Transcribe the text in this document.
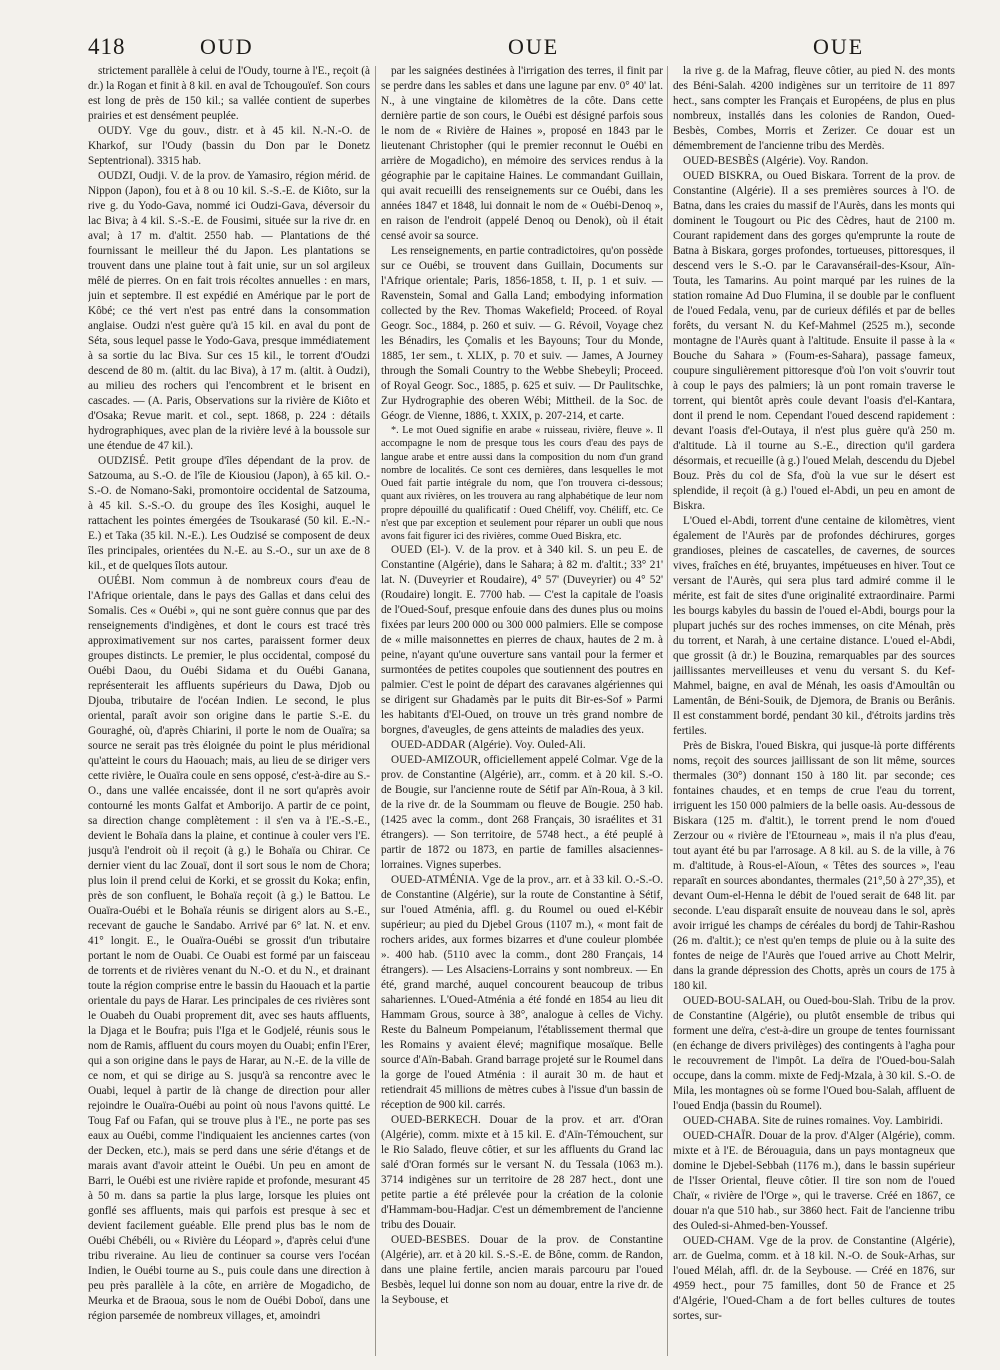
418	OUD	OUE	OUE

strictement parallèle à celui de l'Oudy, tourne à l'E., reçoit (à dr.) la Rogan et finit à 8 kil. en aval de Tchougouïef. Son cours est long de près de 150 kil.; sa vallée contient de superbes prairies et est densément peuplée.

OUDY. Vge du gouv., distr. et à 45 kil. N.-N.-O. de Kharkof, sur l'Oudy (bassin du Don par le Donetz Septentrional). 3315 hab.

OUDZI, Oudji. V. de la prov. de Yamasiro, région mérid. de Nippon (Japon), fou et à 8 ou 10 kil. S.-S.-E. de Kiôto, sur la rive g. du Yodo-Gava, nommé ici Oudzi-Gava, déversoir du lac Biva; à 4 kil. S.-S.-E. de Fousimi, située sur la rive dr. en aval; à 17 m. d'altit. 2550 hab. — Plantations de thé fournissant le meilleur thé du Japon. Les plantations se trouvent dans une plaine tout à fait unie, sur un sol argileux mêlé de pierres. On en fait trois récoltes annuelles : en mars, juin et septembre. Il est expédié en Amérique par le port de Kôbé; ce thé vert n'est pas entré dans la consommation anglaise. Oudzi n'est guère qu'à 15 kil. en aval du pont de Séta, sous lequel passe le Yodo-Gava, presque immédiatement à sa sortie du lac Biva. Sur ces 15 kil., le torrent d'Oudzi descend de 80 m. (altit. du lac Biva), à 17 m. (altit. à Oudzi), au milieu des rochers qui l'encombrent et le brisent en cascades. — (A. Paris, Observations sur la rivière de Kiôto et d'Osaka; Revue marit. et col., sept. 1868, p. 224 : détails hydrographiques, avec plan de la rivière levé à la boussole sur une étendue de 47 kil.).

OUDZISÉ. Petit groupe d'îles dépendant de la prov. de Satzouma, au S.-O. de l'île de Kiousiou (Japon), à 65 kil. O.-S.-O. de Nomano-Saki, promontoire occidental de Satzouma, à 45 kil. S.-S.-O. du groupe des îles Kosighi, auquel le rattachent les pointes émergées de Tsoukarasé (50 kil. E.-N.-E.) et Taka (35 kil. N.-E.). Les Oudzisé se composent de deux îles principales, orientées du N.-E. au S.-O., sur un axe de 8 kil., et de quelques îlots autour.

OUÉBI. Nom commun à de nombreux cours d'eau de l'Afrique orientale, dans le pays des Gallas et dans celui des Somalis. Ces « Ouébi », qui ne sont guère connus que par des renseignements d'indigènes, et dont le cours est tracé très approximativement sur nos cartes, paraissent former deux groupes distincts. Le premier, le plus occidental, composé du Ouébi Daou, du Ouébi Sidama et du Ouébi Ganana, représenterait les affluents supérieurs du Dawa, Djob ou Djouba, tributaire de l'océan Indien. Le second, le plus oriental, paraît avoir son origine dans le partie S.-E. du Gouraghé, où, d'après Chiarini, il porte le nom de Ouaïra; sa source ne serait pas très éloignée du point le plus méridional qu'atteint le cours du Haouach; mais, au lieu de se diriger vers cette rivière, le Ouaïra coule en sens opposé, c'est-à-dire au S.-O., dans une vallée encaissée, dont il ne sort qu'après avoir contourné les monts Galfat et Amborijo. A partir de ce point, sa direction change complètement : il s'en va à l'E.-S.-E., devient le Bohaïa dans la plaine, et continue à couler vers l'E. jusqu'à l'endroit où il reçoit (à g.) le Bohaïa ou Chirar. Ce dernier vient du lac Zouaï, dont il sort sous le nom de Chora; plus loin il prend celui de Korki, et se grossit du Koka; enfin, près de son confluent, le Bohaïa reçoit (à g.) le Battou. Le Ouaïra-Ouébi et le Bohaïa réunis se dirigent alors au S.-E., recevant de gauche le Sandabo. Arrivé par 6° lat. N. et env. 41° longit. E., le Ouaïra-Ouébi se grossit d'un tributaire portant le nom de Ouabi. Ce Ouabi est formé par un faisceau de torrents et de rivières venant du N.-O. et du N., et drainant toute la région comprise entre le bassin du Haouach et la partie orientale du pays de Harar. Les principales de ces rivières sont le Ouabeh du Ouabi proprement dit, avec ses hauts affluents, la Djaga et le Boufra; puis l'Iga et le Godjelé, réunis sous le nom de Ramis, affluent du cours moyen du Ouabi; enfin l'Erer, qui a son origine dans le pays de Harar, au N.-E. de la ville de ce nom, et qui se dirige au S. jusqu'à sa rencontre avec le Ouabi, lequel à partir de là change de direction pour aller rejoindre le Ouaïra-Ouébi au point où nous l'avons quitté. Le Toug Faf ou Fafan, qui se trouve plus à l'E., ne porte pas ses eaux au Ouébi, comme l'indiquaient les anciennes cartes (von der Decken, etc.), mais se perd dans une série d'étangs et de marais avant d'avoir atteint le Ouébi. Un peu en amont de Barri, le Ouébi est une rivière rapide et profonde, mesurant 45 à 50 m. dans sa partie la plus large, lorsque les pluies ont gonflé ses affluents, mais qui parfois est presque à sec et devient facilement guéable. Elle prend plus bas le nom de Ouébi Chébéli, ou « Rivière du Léopard », d'après celui d'une tribu riveraine. Au lieu de continuer sa course vers l'océan Indien, le Ouébi tourne au S., puis coule dans une direction à peu près parallèle à la côte, en arrière de Mogadicho, de Meurka et de Braoua, sous le nom de Ouébi Doboï, dans une région parsemée de nombreux villages, et, amoindri

par les saignées destinées à l'irrigation des terres, il finit par se perdre dans les sables et dans une lagune par env. 0° 40' lat. N., à une vingtaine de kilomètres de la côte. Dans cette dernière partie de son cours, le Ouébi est désigné parfois sous le nom de « Rivière de Haines », proposé en 1843 par le lieutenant Christopher (qui le premier reconnut le Ouébi en arrière de Mogadicho), en mémoire des services rendus à la géographie par le capitaine Haines. Le commandant Guillain, qui avait recueilli des renseignements sur ce Ouébi, dans les années 1847 et 1848, lui donnait le nom de « Ouébi-Denoq », en raison de l'endroit (appelé Denoq ou Denok), où il était censé avoir sa source.

Les renseignements, en partie contradictoires, qu'on possède sur ce Ouébi, se trouvent dans Guillain, Documents sur l'Afrique orientale; Paris, 1856-1858, t. II, p. 1 et suiv. — Ravenstein, Somal and Galla Land; embodying information collected by the Rev. Thomas Wakefield; Proceed. of Royal Geogr. Soc., 1884, p. 260 et suiv. — G. Révoil, Voyage chez les Bénadirs, les Çomalis et les Bayouns; Tour du Monde, 1885, 1er sem., t. XLIX, p. 70 et suiv. — James, A Journey through the Somali Country to the Webbe Shebeyli; Proceed. of Royal Geogr. Soc., 1885, p. 625 et suiv. — Dr Paulitschke, Zur Hydrographie des oberen Wébi; Mittheil. de la Soc. de Géogr. de Vienne, 1886, t. XXIX, p. 207-214, et carte.

*. Le mot Oued signifie en arabe « ruisseau, rivière, fleuve ». Il accompagne le nom de presque tous les cours d'eau des pays de langue arabe et entre aussi dans la composition du nom d'un grand nombre de localités. Ce sont ces dernières, dans lesquelles le mot Oued fait partie intégrale du nom, que l'on trouvera ci-dessous; quant aux rivières, on les trouvera au rang alphabétique de leur nom propre dépouillé du qualificatif : Oued Chéliff, voy. Chéliff, etc. Ce n'est que par exception et seulement pour réparer un oubli que nous avons fait figurer ici des rivières, comme Oued Biskra, etc.

OUED (El-). V. de la prov. et à 340 kil. S. un peu E. de Constantine (Algérie), dans le Sahara; à 82 m. d'altit.; 33° 21' lat. N. (Duveyrier et Roudaire), 4° 57' (Duveyrier) ou 4° 52' (Roudaire) longit. E. 7700 hab. — C'est la capitale de l'oasis de l'Oued-Souf, presque enfouie dans des dunes plus ou moins fixées par leurs 200 000 ou 300 000 palmiers. Elle se compose de « mille maisonnettes en pierres de chaux, hautes de 2 m. à peine, n'ayant qu'une ouverture sans vantail pour la fermer et surmontées de petites coupoles que soutiennent des poutres en palmier. C'est le point de départ des caravanes algériennes qui se dirigent sur Ghadamès par le puits dit Bir-es-Sof » Parmi les habitants d'El-Oued, on trouve un très grand nombre de borgnes, d'aveugles, de gens atteints de maladies des yeux.

OUED-ADDAR (Algérie). Voy. Ouled-Ali.

OUED-AMIZOUR, officiellement appelé Colmar. Vge de la prov. de Constantine (Algérie), arr., comm. et à 20 kil. S.-O. de Bougie, sur l'ancienne route de Sétif par Aïn-Roua, à 3 kil. de la rive dr. de la Soummam ou fleuve de Bougie. 250 hab. (1425 avec la comm., dont 268 Français, 30 israélites et 31 étrangers). — Son territoire, de 5748 hect., a été peuplé à partir de 1872 ou 1873, en partie de familles alsaciennes-lorraines. Vignes superbes.

OUED-ATMÉNIA. Vge de la prov., arr. et à 33 kil. O.-S.-O. de Constantine (Algérie), sur la route de Constantine à Sétif, sur l'oued Atménia, affl. g. du Roumel ou oued el-Kébir supérieur; au pied du Djebel Grous (1107 m.), « mont fait de rochers arides, aux formes bizarres et d'une couleur plombée ». 400 hab. (5110 avec la comm., dont 280 Français, 14 étrangers). — Les Alsaciens-Lorrains y sont nombreux. — En été, grand marché, auquel concourent beaucoup de tribus sahariennes. L'Oued-Atménia a été fondé en 1854 au lieu dit Hammam Grous, source à 38°, analogue à celles de Vichy. Reste du Balneum Pompeianum, l'établissement thermal que les Romains y avaient élevé; magnifique mosaïque. Belle source d'Aïn-Babah. Grand barrage projeté sur le Roumel dans la gorge de l'oued Atménia : il aurait 30 m. de haut et retiendrait 45 millions de mètres cubes à l'issue d'un bassin de réception de 900 kil. carrés.

OUED-BERKECH. Douar de la prov. et arr. d'Oran (Algérie), comm. mixte et à 15 kil. E. d'Aïn-Témouchent, sur le Rio Salado, fleuve côtier, et sur les affluents du Grand lac salé d'Oran formés sur le versant N. du Tessala (1063 m.). 3714 indigènes sur un territoire de 28 287 hect., dont une petite partie a été prélevée pour la création de la colonie d'Hammam-bou-Hadjar. C'est un démembrement de l'ancienne tribu des Douair.

OUED-BESBES. Douar de la prov. de Constantine (Algérie), arr. et à 20 kil. S.-S.-E. de Bône, comm. de Randon, dans une plaine fertile, ancien marais parcouru par l'oued Besbès, lequel lui donne son nom au douar, entre la rive dr. de la Seybouse, et

la rive g. de la Mafrag, fleuve côtier, au pied N. des monts des Béni-Salah. 4200 indigènes sur un territoire de 11 897 hect., sans compter les Français et Européens, de plus en plus nombreux, installés dans les colonies de Randon, Oued-Besbès, Combes, Morris et Zerizer. Ce douar est un démembrement de l'ancienne tribu des Merdès.

OUED-BESBÈS (Algérie). Voy. Randon.

OUED BISKRA, ou Oued Biskara. Torrent de la prov. de Constantine (Algérie). Il a ses premières sources à l'O. de Batna, dans les craies du massif de l'Aurès, dans les monts qui dominent le Tougourt ou Pic des Cèdres, haut de 2100 m. Courant rapidement dans des gorges qu'emprunte la route de Batna à Biskara, gorges profondes, tortueuses, pittoresques, il descend vers le S.-O. par le Caravansérail-des-Ksour, Aïn-Touta, les Tamarins. Au point marqué par les ruines de la station romaine Ad Duo Flumina, il se double par le confluent de l'oued Fedala, venu, par de curieux défilés et par de belles forêts, du versant N. du Kef-Mahmel (2525 m.), seconde montagne de l'Aurès quant à l'altitude. Ensuite il passe à la « Bouche du Sahara » (Foum-es-Sahara), passage fameux, coupure singulièrement pittoresque d'où l'on voit s'ouvrir tout à coup le pays des palmiers; là un pont romain traverse le torrent, qui bientôt après coule devant l'oasis d'el-Kantara, dont il prend le nom. Cependant l'oued descend rapidement : devant l'oasis d'el-Outaya, il n'est plus guère qu'à 250 m. d'altitude. Là il tourne au S.-E., direction qu'il gardera désormais, et recueille (à g.) l'oued Melah, descendu du Djebel Bouz. Près du col de Sfa, d'où la vue sur le désert est splendide, il reçoit (à g.) l'oued el-Abdi, un peu en amont de Biskra.

L'Oued el-Abdi, torrent d'une centaine de kilomètres, vient également de l'Aurès par de profondes déchirures, gorges grandioses, pleines de cascatelles, de cavernes, de sources vives, fraîches en été, bruyantes, impétueuses en hiver. Tout ce versant de l'Aurès, qui sera plus tard admiré comme il le mérite, est fait de sites d'une originalité extraordinaire. Parmi les bourgs kabyles du bassin de l'oued el-Abdi, bourgs pour la plupart juchés sur des roches immenses, on cite Ménah, près du torrent, et Narah, à une certaine distance. L'oued el-Abdi, que grossit (à dr.) le Bouzina, remarquables par des sources jaillissantes merveilleuses et venu du versant S. du Kef-Mahmel, baigne, en aval de Ménah, les oasis d'Amoultân ou Lamentân, de Béni-Souik, de Djemora, de Branis ou Berânis. Il est constamment bordé, pendant 30 kil., d'étroits jardins très fertiles.

Près de Biskra, l'oued Biskra, qui jusque-là porte différents noms, reçoit des sources jaillissant de son lit même, sources thermales (30°) donnant 150 à 180 lit. par seconde; ces fontaines chaudes, et en temps de crue l'eau du torrent, irriguent les 150 000 palmiers de la belle oasis. Au-dessous de Biskara (125 m. d'altit.), le torrent prend le nom d'oued Zerzour ou « rivière de l'Etourneau », mais il n'a plus d'eau, tout ayant été bu par l'arrosage. A 8 kil. au S. de la ville, à 76 m. d'altitude, à Rous-el-Aïoun, « Têtes des sources », l'eau reparaît en sources abondantes, thermales (21°,50 à 27°,35), et devant Oum-el-Henna le débit de l'oued serait de 648 lit. par seconde. L'eau disparaît ensuite de nouveau dans le sol, après avoir irrigué les champs de céréales du bordj de Tahir-Rashou (26 m. d'altit.); ce n'est qu'en temps de pluie ou à la suite des fontes de neige de l'Aurès que l'oued arrive au Chott Melrir, dans la grande dépression des Chotts, après un cours de 175 à 180 kil.

OUED-BOU-SALAH, ou Oued-bou-Slah. Tribu de la prov. de Constantine (Algérie), ou plutôt ensemble de tribus qui forment une deïra, c'est-à-dire un groupe de tentes fournissant (en échange de divers privilèges) des contingents à l'agha pour le recouvrement de l'impôt. La deïra de l'Oued-bou-Salah occupe, dans la comm. mixte de Fedj-Mzala, à 30 kil. S.-O. de Mila, les montagnes où se forme l'Oued bou-Salah, affluent de l'oued Endja (bassin du Roumel).

OUED-CHABA. Site de ruines romaines. Voy. Lambiridi.

OUED-CHAÏR. Douar de la prov. d'Alger (Algérie), comm. mixte et à l'E. de Bérouaguia, dans un pays montagneux que domine le Djebel-Sebbah (1176 m.), dans le bassin supérieur de l'Isser Oriental, fleuve côtier. Il tire son nom de l'oued Chaïr, « rivière de l'Orge », qui le traverse. Créé en 1867, ce douar n'a que 510 hab., sur 3860 hect. Fait de l'ancienne tribu des Ouled-si-Ahmed-ben-Youssef.

OUED-CHAM. Vge de la prov. de Constantine (Algérie), arr. de Guelma, comm. et à 18 kil. N.-O. de Souk-Arhas, sur l'oued Mélah, affl. dr. de la Seybouse. — Créé en 1876, sur 4959 hect., pour 75 familles, dont 50 de France et 25 d'Algérie, l'Oued-Cham a de fort belles cultures de toutes sortes, sur-
